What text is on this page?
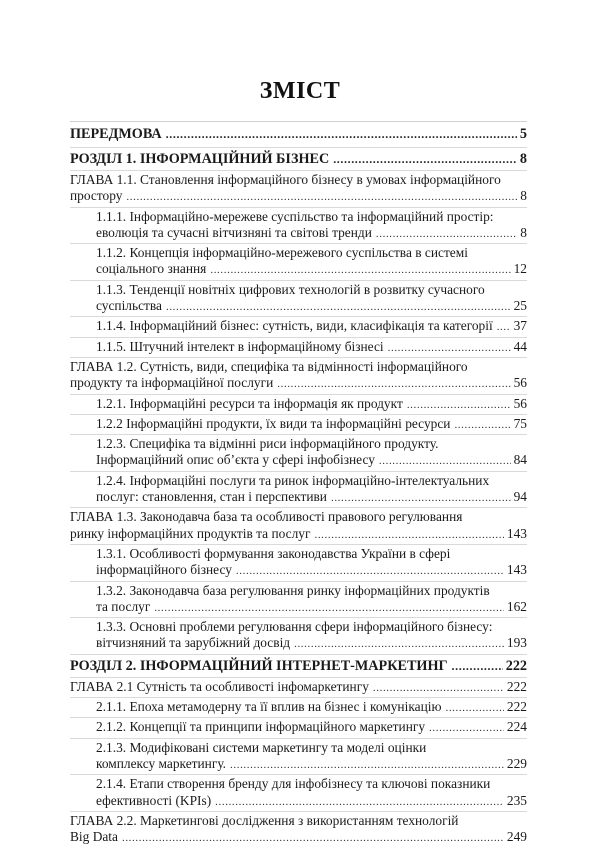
ЗМІСТ
ПЕРЕДМОВА .....	5
РОЗДІЛ 1. ІНФОРМАЦІЙНИЙ БІЗНЕС .....	8
ГЛАВА 1.1. Становлення інформаційного бізнесу в умовах інформаційного
простору .....	8
1.1.1. Інформаційно-мережеве суспільство та інформаційний простір:
еволюція та сучасні вітчизняні та світові тренди .....	8
1.1.2. Концепція інформаційно-мережевого суспільства в системі
соціального знання .....	12
1.1.3. Тенденції новітніх цифрових технологій в розвитку сучасного
суспільства .....	25
1.1.4. Інформаційний бізнес: сутність, види, класифікація та категорії ..... 37
1.1.5. Штучний інтелект в інформаційному бізнесі .....	44
ГЛАВА 1.2. Сутність, види, специфіка та відмінності інформаційного
продукту та інформаційної послуги .....	56
1.2.1. Інформаційні ресурси та інформація як продукт .....	56
1.2.2 Інформаційні продукти, їх види та інформаційні ресурси .....	75
1.2.3. Специфіка та відмінні риси інформаційного продукту.
Інформаційний опис об’єкта у сфері інфобізнесу .....	84
1.2.4. Інформаційні послуги та ринок інформаційно-інтелектуальних
послуг: становлення, стан і перспективи .....	94
ГЛАВА 1.3. Законодавча база та особливості правового регулювання
ринку інформаційних продуктів та послуг .....	143
1.3.1. Особливості формування законодавства України в сфері
інформаційного бізнесу .....	143
1.3.2. Законодавча база регулювання ринку інформаційних продуктів
та послуг .....	162
1.3.3. Основні проблеми регулювання сфери інформаційного бізнесу:
вітчизняний та зарубіжний досвід .....	193
РОЗДІЛ 2. ІНФОРМАЦІЙНИЙ ІНТЕРНЕТ-МАРКЕТИНГ .....	222
ГЛАВА 2.1 Сутність та особливості інфомаркетингу .....	222
2.1.1. Епоха метамодерну та її вплив на бізнес і комунікацію .....	222
2.1.2. Концепції та принципи інформаційного маркетингу .....	224
2.1.3. Модифіковані системи маркетингу та моделі оцінки
комплексу маркетингу. .....	229
2.1.4. Етапи створення бренду для інфобізнесу та ключові показники
ефективності (KPIs) .....	235
ГЛАВА 2.2. Маркетингові дослідження з використанням технологій
Big Data .....	249
